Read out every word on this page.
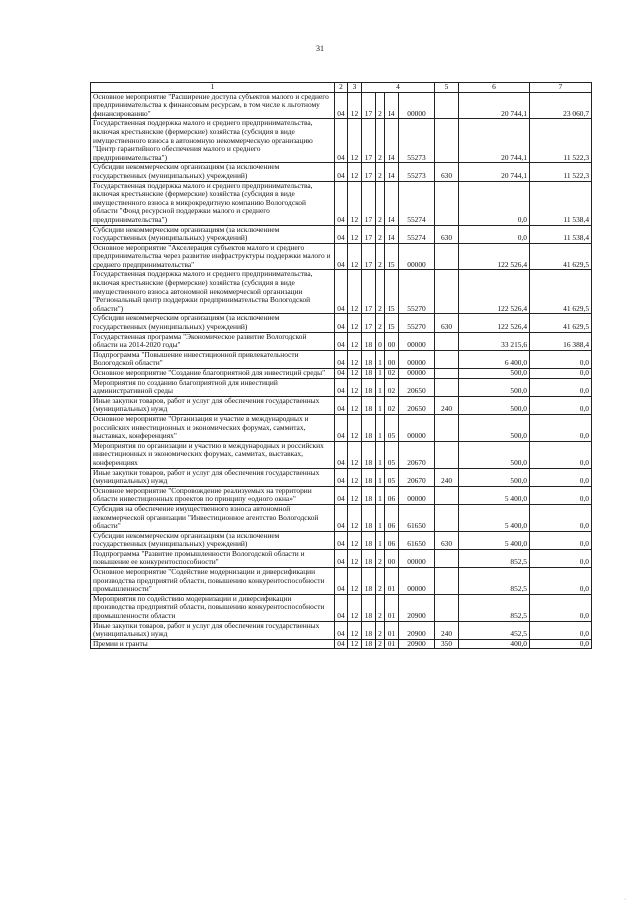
31
1	2	3	4				5	6	7
Основное мероприятие "Расширение доступа субъектов малого и среднего предпринимательства к финансовым ресурсам, в том числе к льготному финансированию"	04	12	17	2	I4	00000		20 744,1	23 060,7
Государственная поддержка малого и среднего предпринимательства, включая крестьянские (фермерские) хозяйства (субсидия в виде имущественного взноса в автономную некоммерческую организацию "Центр гарантийного обеспечения малого и среднего предпринимательства")	04	12	17	2	I4	55273		20 744,1	11 522,3
Субсидии некоммерческим организациям (за исключением государственных (муниципальных) учреждений)	04	12	17	2	I4	55273	630	20 744,1	11 522,3
Государственная поддержка малого и среднего предпринимательства, включая крестьянские (фермерские) хозяйства (субсидия в виде имущественного взноса в микрокредитную компанию Вологодской области "Фонд ресурсной поддержки малого и среднего предпринимательства")	04	12	17	2	I4	55274		0,0	11 538,4
Субсидии некоммерческим организациям (за исключением государственных (муниципальных) учреждений)	04	12	17	2	I4	55274	630	0,0	11 538,4
Основное мероприятие "Акселерация субъектов малого и среднего предпринимательства через развитие инфраструктуры поддержки малого и среднего предпринимательства"	04	12	17	2	I5	00000		122 526,4	41 629,5
Государственная поддержка малого и среднего предпринимательства, включая крестьянские (фермерские) хозяйства (субсидия в виде имущественного взноса автономной некоммерческой организации "Региональный центр поддержки предпринимательства Вологодской области")	04	12	17	2	I5	55270		122 526,4	41 629,5
Субсидии некоммерческим организациям (за исключением государственных (муниципальных) учреждений)	04	12	17	2	I5	55270	630	122 526,4	41 629,5
Государственная программа "Экономическое развитие Вологодской области на 2014-2020 годы"	04	12	18	0	00	00000		33 215,6	16 388,4
Подпрограмма "Повышение инвестиционной привлекательности Вологодской области"	04	12	18	1	00	00000		6 400,0	0,0
Основное мероприятие "Создание благоприятной для инвестиций среды"	04	12	18	1	02	00000		500,0	0,0
Мероприятия по созданию благоприятной для инвестиций административной среды	04	12	18	1	02	20650		500,0	0,0
Иные закупки товаров, работ и услуг для обеспечения государственных (муниципальных) нужд	04	12	18	1	02	20650	240	500,0	0,0
Основное мероприятие "Организация и участие в международных и российских инвестиционных и экономических форумах, саммитах, выставках, конференциях"	04	12	18	1	05	00000		500,0	0,0
Мероприятия по организации и участию в международных и российских инвестиционных и экономических форумах, саммитах, выставках, конференциях	04	12	18	1	05	20670		500,0	0,0
Иные закупки товаров, работ и услуг для обеспечения государственных (муниципальных) нужд	04	12	18	1	05	20670	240	500,0	0,0
Основное мероприятие "Сопровождение реализуемых на территории области инвестиционных проектов по принципу «одного окна»"	04	12	18	1	06	00000		5 400,0	0,0
Субсидия на обеспечение имущественного взноса автономной некоммерческой организации "Инвестиционное агентство Вологодской области"	04	12	18	1	06	61650		5 400,0	0,0
Субсидии некоммерческим организациям (за исключением государственных (муниципальных) учреждений)	04	12	18	1	06	61650	630	5 400,0	0,0
Подпрограмма "Развитие промышленности Вологодской области и повышение ее конкурентоспособности"	04	12	18	2	00	00000		852,5	0,0
Основное мероприятие "Содействие модернизации и диверсификации производства предприятий области, повышению конкурентоспособности промышленности"	04	12	18	2	01	00000		852,5	0,0
Мероприятия по содействию модернизации и диверсификации производства предприятий области, повышению конкурентоспособности промышленности области	04	12	18	2	01	20900		852,5	0,0
Иные закупки товаров, работ и услуг для обеспечения государственных (муниципальных) нужд	04	12	18	2	01	20900	240	452,5	0,0
Премии и гранты	04	12	18	2	01	20900	350	400,0	0,0
·
